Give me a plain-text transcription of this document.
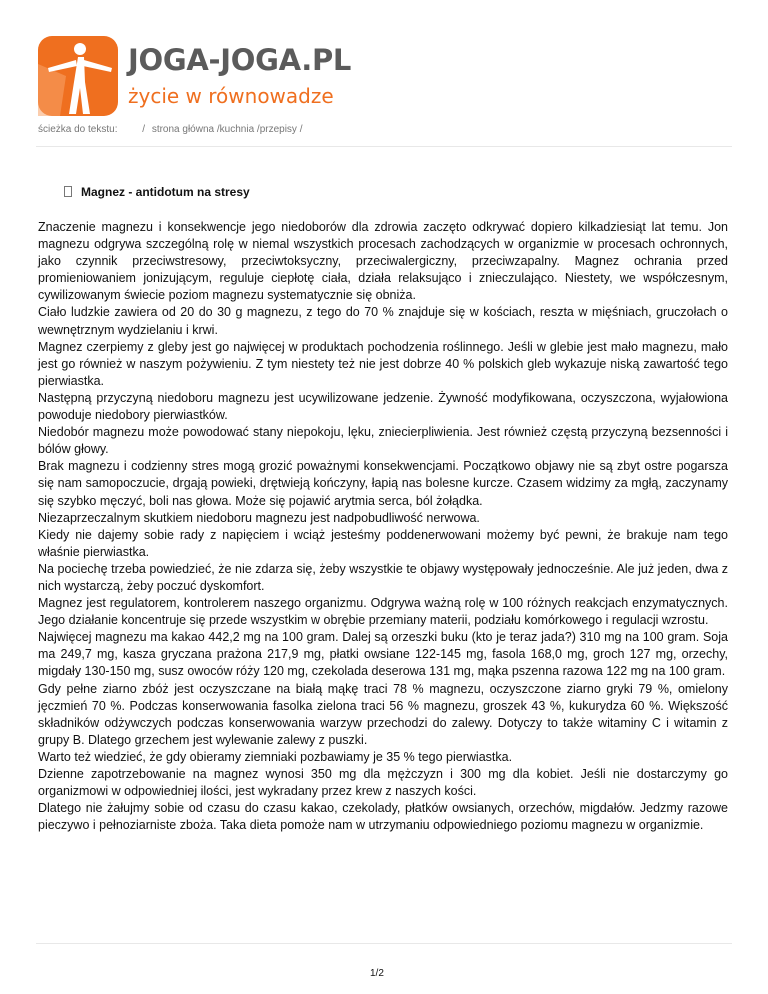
JOGA-JOGA.PL
życie w równowadze
ścieżka do tekstu: / strona główna /kuchnia /przepisy /
Magnez - antidotum na stresy

Znaczenie magnezu i konsekwencje jego niedoborów dla zdrowia zaczęto odkrywać dopiero kilkadziesiąt lat temu. Jon magnezu odgrywa szczególną rolę w niemal wszystkich procesach zachodzących w organizmie w procesach ochronnych, jako czynnik przeciwstresowy, przeciwtoksyczny, przeciwalergiczny, przeciwzapalny. Magnez ochrania przed promieniowaniem jonizującym, reguluje ciepłotę ciała, działa relaksująco i znieczulająco. Niestety, we współczesnym, cywilizowanym świecie poziom magnezu systematycznie się obniża.

Ciało ludzkie zawiera od 20 do 30 g magnezu, z tego do 70 % znajduje się w kościach, reszta w mięśniach, gruczołach o wewnętrznym wydzielaniu i krwi.

Magnez czerpiemy z gleby jest go najwięcej w produktach pochodzenia roślinnego. Jeśli w glebie jest mało magnezu, mało jest go również w naszym pożywieniu. Z tym niestety też nie jest dobrze 40 % polskich gleb wykazuje niską zawartość tego pierwiastka.

Następną przyczyną niedoboru magnezu jest ucywilizowane jedzenie. Żywność modyfikowana, oczyszczona, wyjałowiona powoduje niedobory pierwiastków.

Niedobór magnezu może powodować stany niepokoju, lęku, zniecierpliwienia. Jest również częstą przyczyną bezsenności i bólów głowy.

Brak magnezu i codzienny stres mogą grozić poważnymi konsekwencjami. Początkowo objawy nie są zbyt ostre pogarsza się nam samopoczucie, drgają powieki, drętwieją kończyny, łapią nas bolesne kurcze. Czasem widzimy za mgłą, zaczynamy się szybko męczyć, boli nas głowa. Może się pojawić arytmia serca, ból żołądka.

Niezaprzeczalnym skutkiem niedoboru magnezu jest nadpobudliwość nerwowa.

Kiedy nie dajemy sobie rady z napięciem i wciąż jesteśmy poddenerwowani możemy być pewni, że brakuje nam tego właśnie pierwiastka.

Na pociechę trzeba powiedzieć, że nie zdarza się, żeby wszystkie te objawy występowały jednocześnie. Ale już jeden, dwa z nich wystarczą, żeby poczuć dyskomfort.

Magnez jest regulatorem, kontrolerem naszego organizmu. Odgrywa ważną rolę w 100 różnych reakcjach enzymatycznych. Jego działanie koncentruje się przede wszystkim w obrębie przemiany materii, podziału komórkowego i regulacji wzrostu.

Najwięcej magnezu ma kakao 442,2 mg na 100 gram. Dalej są orzeszki buku (kto je teraz jada?) 310 mg na 100 gram. Soja ma 249,7 mg, kasza gryczana prażona 217,9 mg, płatki owsiane 122-145 mg, fasola 168,0 mg, groch 127 mg, orzechy, migdały 130-150 mg, susz owoców róży 120 mg, czekolada deserowa 131 mg, mąka pszenna razowa 122 mg na 100 gram.

Gdy pełne ziarno zbóż jest oczyszczane na białą mąkę traci 78 % magnezu, oczyszczone ziarno gryki 79 %, omielony jęczmień 70 %. Podczas konserwowania fasolka zielona traci 56 % magnezu, groszek 43 %, kukurydza 60 %. Większość składników odżywczych podczas konserwowania warzyw przechodzi do zalewy. Dotyczy to także witaminy C i witamin z grupy B. Dlatego grzechem jest wylewanie zalewy z puszki.

Warto też wiedzieć, że gdy obieramy ziemniaki pozbawiamy je 35 % tego pierwiastka.

Dzienne zapotrzebowanie na magnez wynosi 350 mg dla mężczyzn i 300 mg dla kobiet. Jeśli nie dostarczymy go organizmowi w odpowiedniej ilości, jest wykradany przez krew z naszych kości.

Dlatego nie żałujmy sobie od czasu do czasu kakao, czekolady, płatków owsianych, orzechów, migdałów. Jedzmy razowe pieczywo i pełnoziarniste zboża. Taka dieta pomoże nam w utrzymaniu odpowiedniego poziomu magnezu w organizmie.

1/2
